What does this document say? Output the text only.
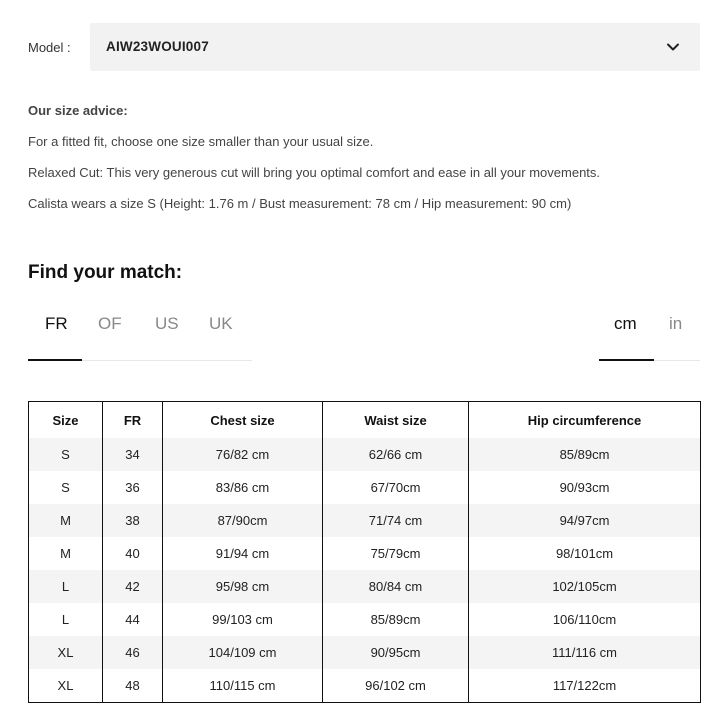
Model :	AIW23WOUI007

Our size advice:

For a fitted fit, choose one size smaller than your usual size.

Relaxed Cut: This very generous cut will bring you optimal comfort and ease in all your movements.

Calista wears a size S (Height: 1.76 m / Bust measurement: 78 cm / Hip measurement: 90 cm)

Find your match:
FR OF US UK	cm in
Size	FR	Chest size	Waist size	Hip circumference
S	34	76/82 cm	62/66 cm	85/89cm
S	36	83/86 cm	67/70cm	90/93cm
M	38	87/90cm	71/74 cm	94/97cm
M	40	91/94 cm	75/79cm	98/101cm
L	42	95/98 cm	80/84 cm	102/105cm
L	44	99/103 cm	85/89cm	106/110cm
XL	46	104/109 cm	90/95cm	111/116 cm
XL	48	110/115 cm	96/102 cm	117/122cm
